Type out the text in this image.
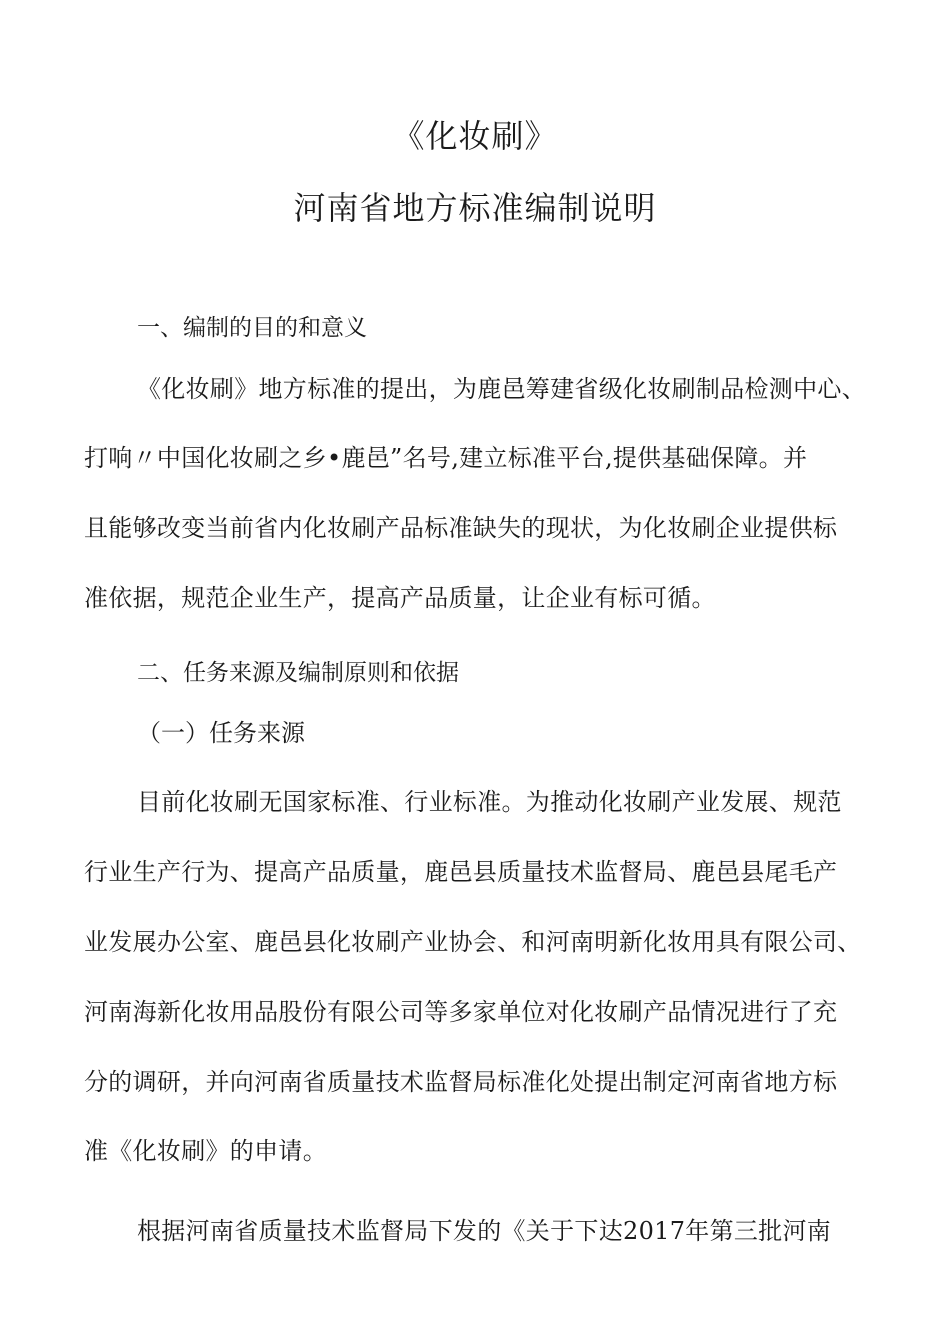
《化妆刷》
河南省地方标准编制说明
一、编制的目的和意义
《化妆刷》地方标准的提出，为鹿邑筹建省级化妆刷制品检测中心、
打响〃中国化妆刷之乡•鹿邑”名号,建立标准平台,提供基础保障。并
且能够改变当前省内化妆刷产品标准缺失的现状，为化妆刷企业提供标
准依据，规范企业生产，提高产品质量，让企业有标可循。
二、任务来源及编制原则和依据
（一）任务来源
目前化妆刷无国家标准、行业标准。为推动化妆刷产业发展、规范
行业生产行为、提高产品质量，鹿邑县质量技术监督局、鹿邑县尾毛产
业发展办公室、鹿邑县化妆刷产业协会、和河南明新化妆用具有限公司、
河南海新化妆用品股份有限公司等多家单位对化妆刷产品情况进行了充
分的调研，并向河南省质量技术监督局标准化处提出制定河南省地方标
准《化妆刷》的申请。
根据河南省质量技术监督局下发的《关于下达2017年第三批河南
